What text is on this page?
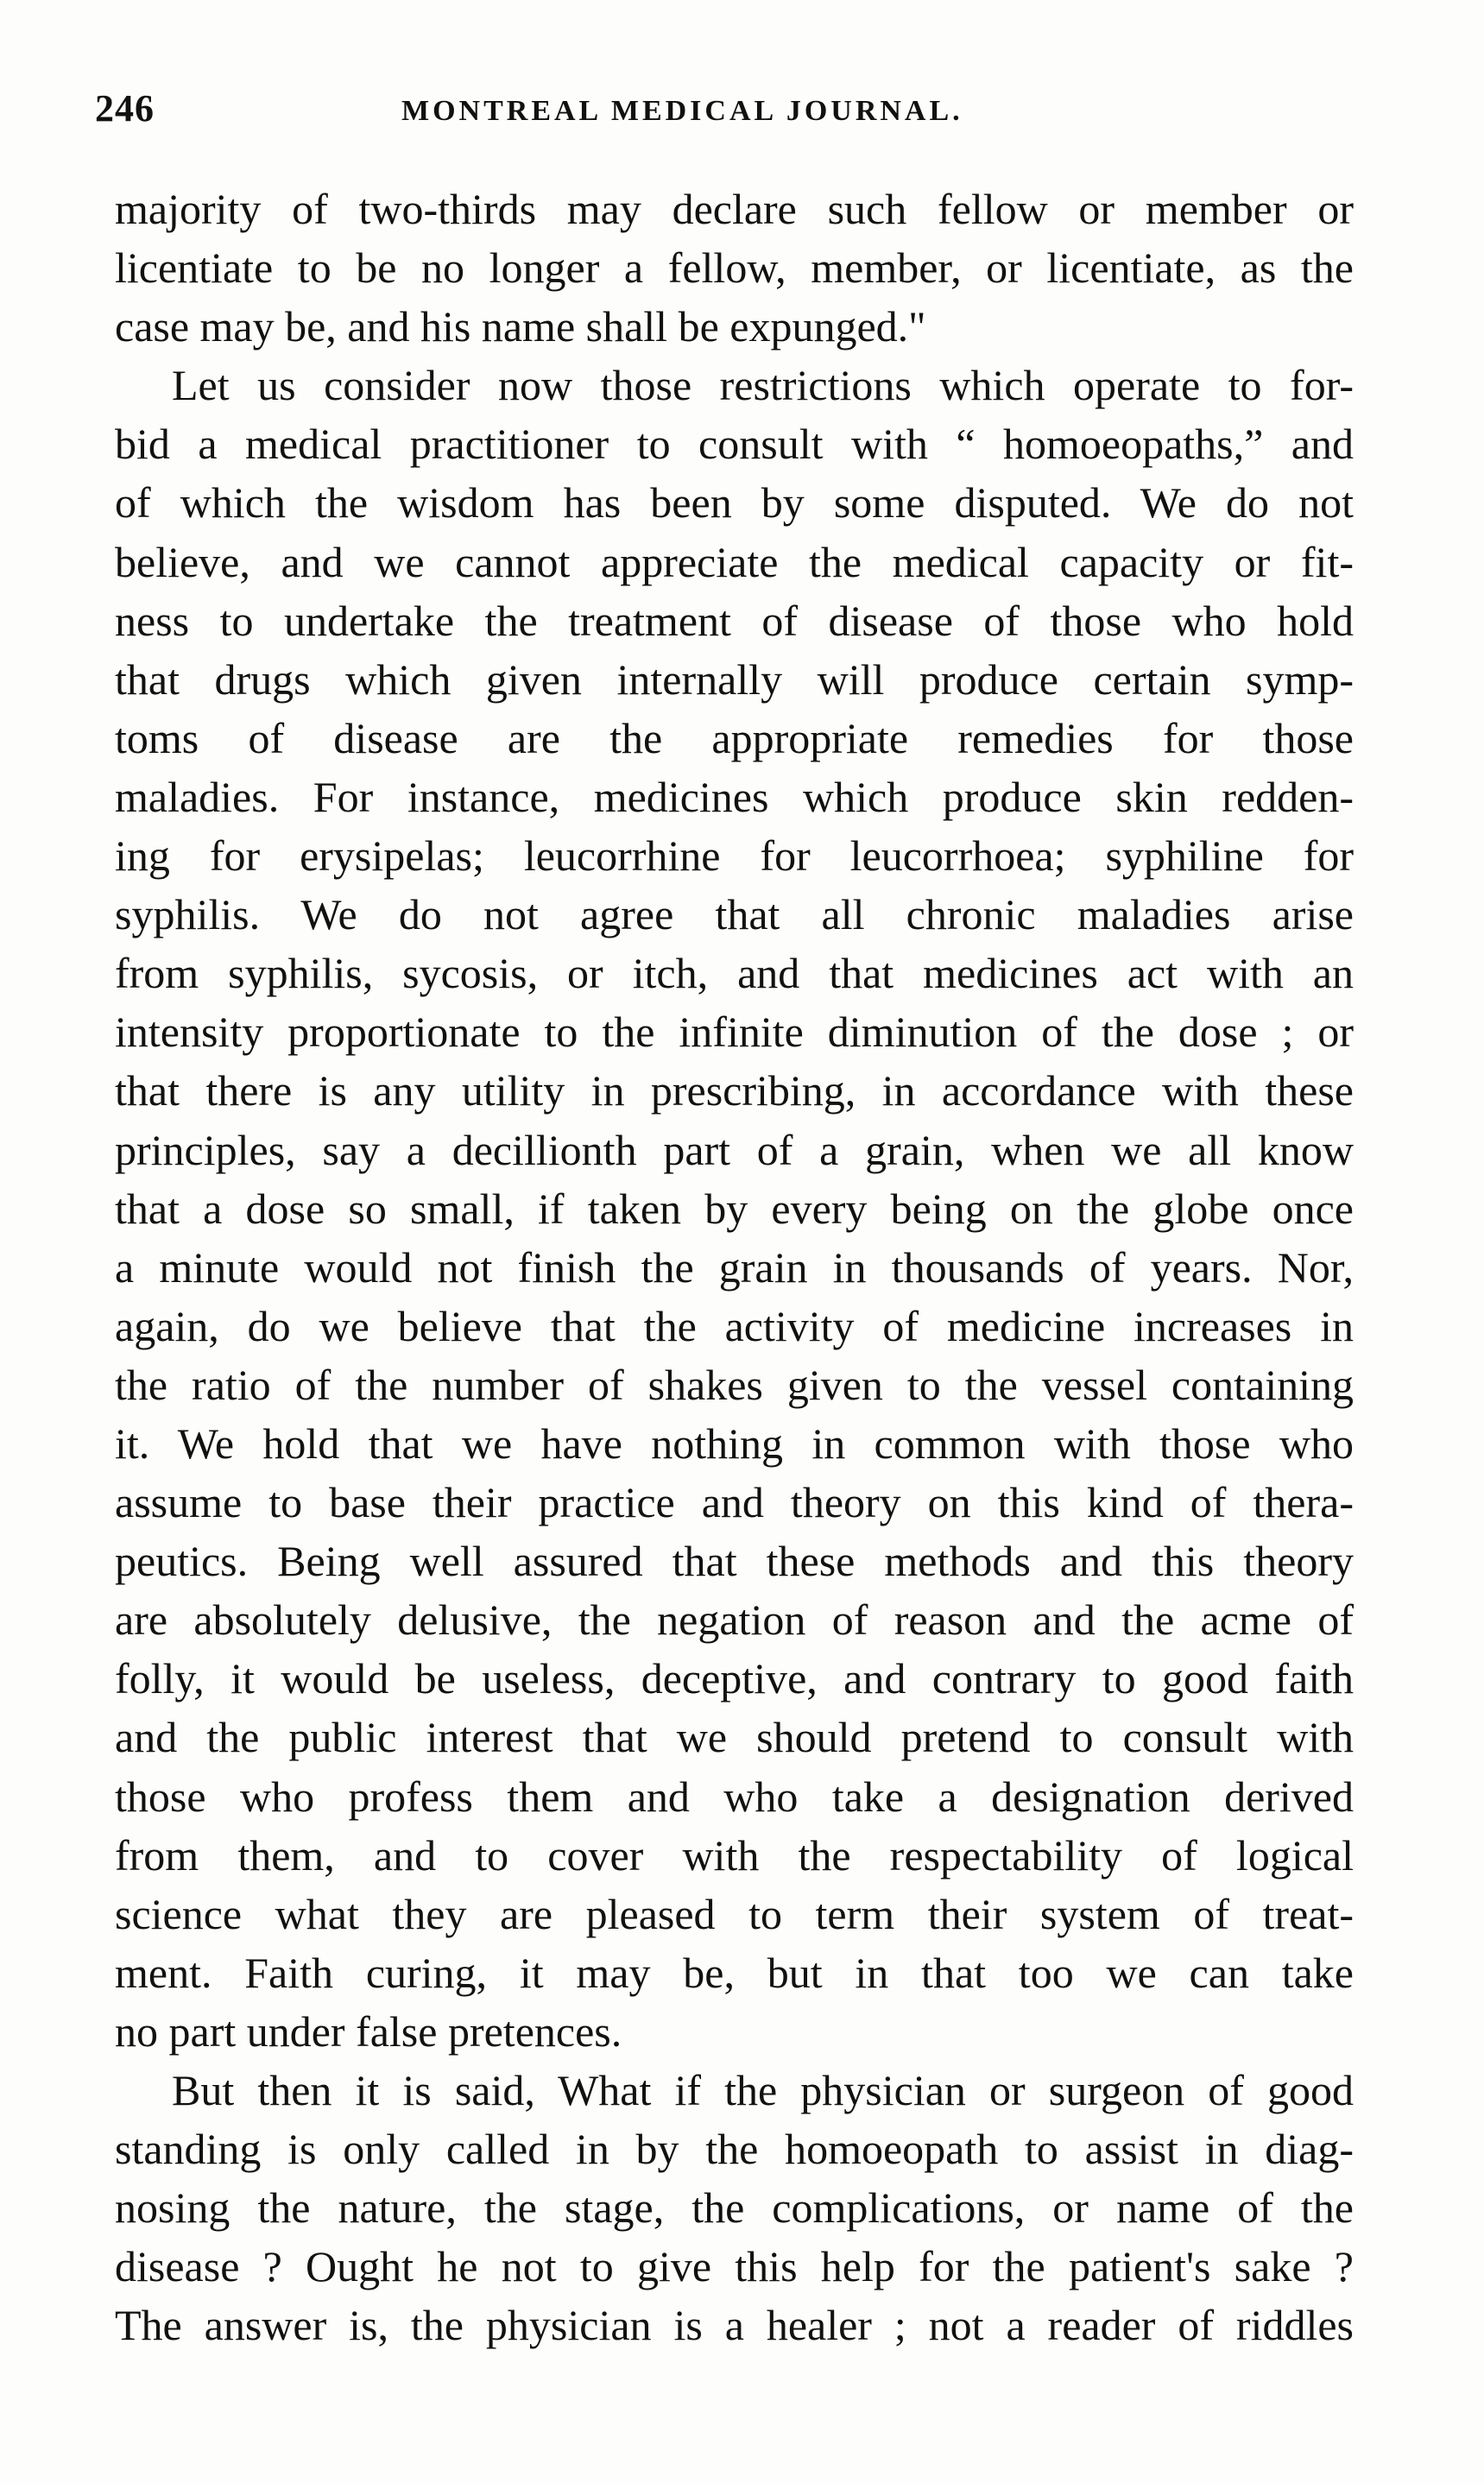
246	MONTREAL MEDICAL JOURNAL.
majority of two-thirds may declare such fellow or member or
licentiate to be no longer a fellow, member, or licentiate, as the
case may be, and his name shall be expunged."
Let us consider now those restrictions which operate to for-
bid a medical practitioner to consult with “ homoeopaths,” and
of which the wisdom has been by some disputed. We do not
believe, and we cannot appreciate the medical capacity or fit-
ness to undertake the treatment of disease of those who hold
that drugs which given internally will produce certain symp-
toms of disease are the appropriate remedies for those
maladies. For instance, medicines which produce skin redden-
ing for erysipelas; leucorrhine for leucorrhoea; syphiline for
syphilis. We do not agree that all chronic maladies arise
from syphilis, sycosis, or itch, and that medicines act with an
intensity proportionate to the infinite diminution of the dose ; or
that there is any utility in prescribing, in accordance with these
principles, say a decillionth part of a grain, when we all know
that a dose so small, if taken by every being on the globe once
a minute would not finish the grain in thousands of years. Nor,
again, do we believe that the activity of medicine increases in
the ratio of the number of shakes given to the vessel containing
it. We hold that we have nothing in common with those who
assume to base their practice and theory on this kind of thera-
peutics. Being well assured that these methods and this theory
are absolutely delusive, the negation of reason and the acme of
folly, it would be useless, deceptive, and contrary to good faith
and the public interest that we should pretend to consult with
those who profess them and who take a designation derived
from them, and to cover with the respectability of logical
science what they are pleased to term their system of treat-
ment. Faith curing, it may be, but in that too we can take
no part under false pretences.
But then it is said, What if the physician or surgeon of good
standing is only called in by the homoeopath to assist in diag-
nosing the nature, the stage, the complications, or name of the
disease ? Ought he not to give this help for the patient's sake ?
The answer is, the physician is a healer ; not a reader of riddles
